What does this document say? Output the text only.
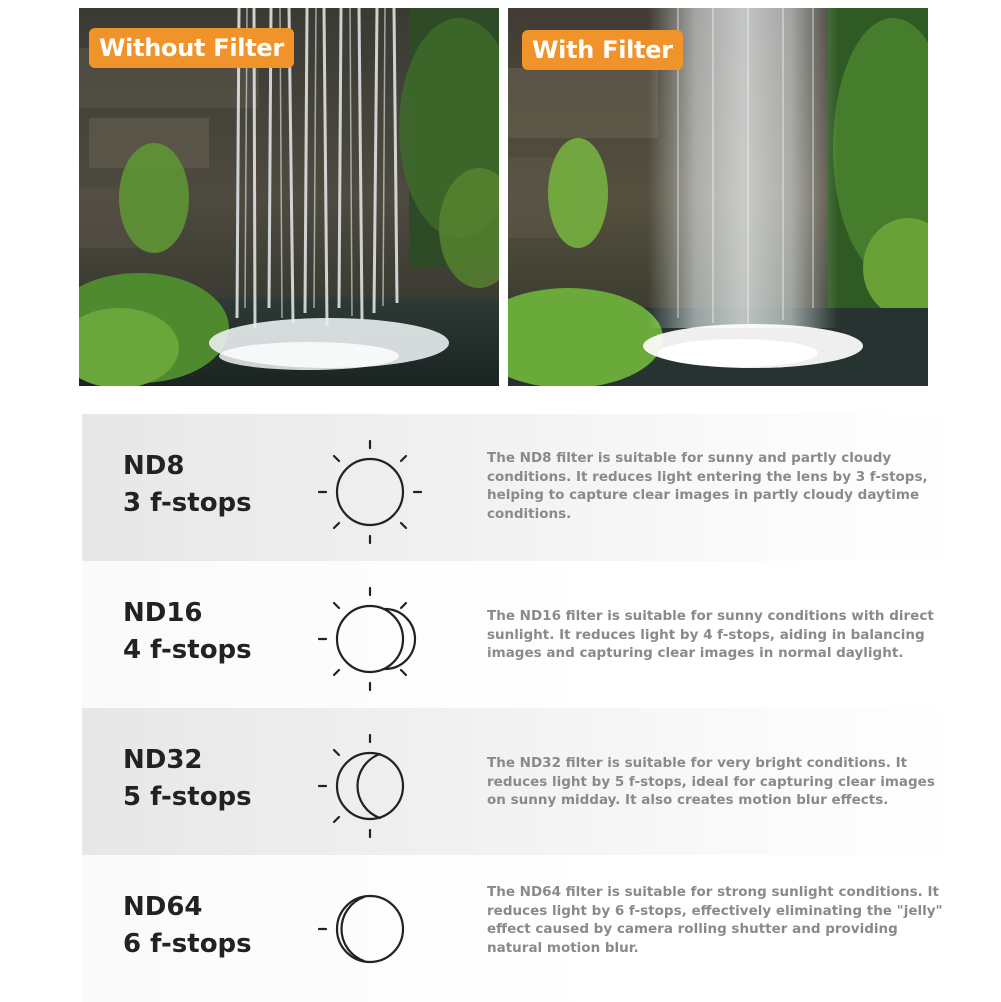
Without Filter	With Filter
ND8
3 f-stops
The ND8 filter is suitable for sunny and partly cloudy conditions. It reduces light entering the lens by 3 f-stops, helping to capture clear images in partly cloudy daytime conditions.
ND16
4 f-stops
The ND16 filter is suitable for sunny conditions with direct sunlight. It reduces light by 4 f-stops, aiding in balancing images and capturing clear images in normal daylight.
ND32
5 f-stops
The ND32 filter is suitable for very bright conditions. It reduces light by 5 f-stops, ideal for capturing clear images on sunny midday. It also creates motion blur effects.
ND64
6 f-stops
The ND64 filter is suitable for strong sunlight conditions. It reduces light by 6 f-stops, effectively eliminating the "jelly" effect caused by camera rolling shutter and providing natural motion blur.
